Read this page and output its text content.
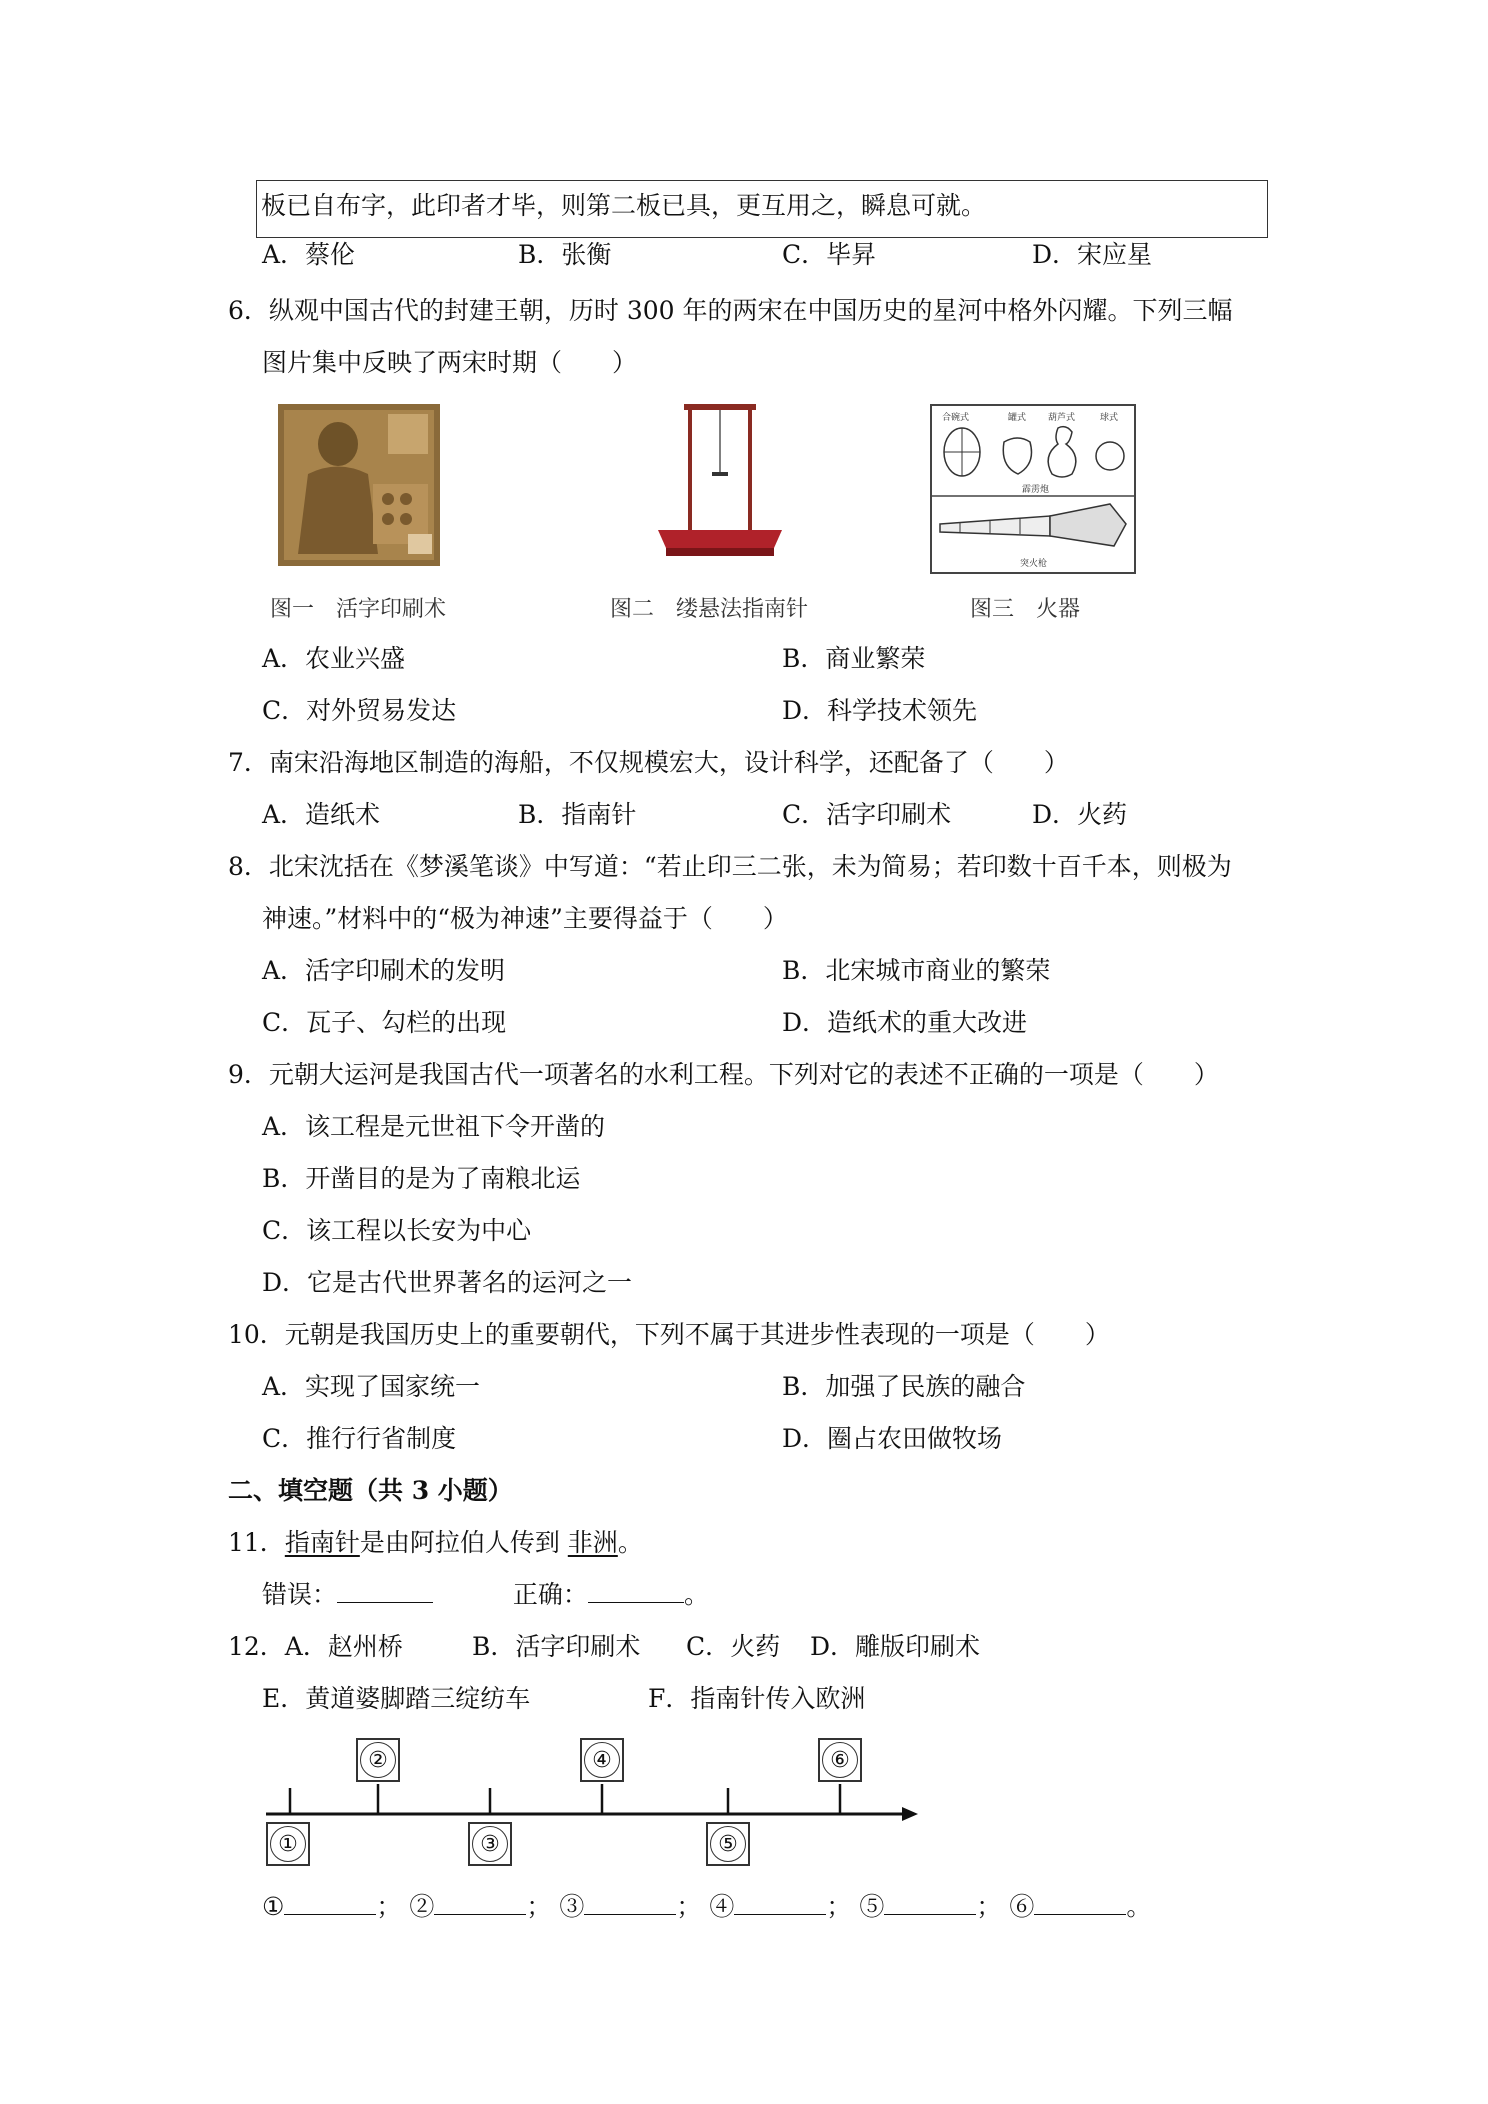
板已自布字，此印者才毕，则第二板已具，更互用之，瞬息可就。
A．蔡伦	B．张衡	C．毕昇	D．宋应星
6．纵观中国古代的封建王朝，历时 300 年的两宋在中国历史的星河中格外闪耀。下列三幅
图片集中反映了两宋时期（　　）
图一　活字印刷术	图二　缕悬法指南针
合碗式	罐式 葫芦式	球式
霹雳炮
突火枪
图三　火器
A．农业兴盛	B．商业繁荣
C．对外贸易发达	D．科学技术领先
7．南宋沿海地区制造的海船，不仅规模宏大，设计科学，还配备了（　　）
A．造纸术	B．指南针	C．活字印刷术	D．火药
8．北宋沈括在《梦溪笔谈》中写道：“若止印三二张，未为简易；若印数十百千本，则极为
神速。”材料中的“极为神速”主要得益于（　　）
A．活字印刷术的发明	B．北宋城市商业的繁荣
C．瓦子、勾栏的出现	D．造纸术的重大改进
9．元朝大运河是我国古代一项著名的水利工程。下列对它的表述不正确的一项是（　　）
A．该工程是元世祖下令开凿的
B．开凿目的是为了南粮北运
C．该工程以长安为中心
D．它是古代世界著名的运河之一
10．元朝是我国历史上的重要朝代，下列不属于其进步性表现的一项是（　　）
A．实现了国家统一	B．加强了民族的融合
C．推行行省制度	D．圈占农田做牧场
二、填空题（共 3 小题）
11．指南针是由阿拉伯人传到 非洲。
错误：	正确：	。
12．A．赵州桥	B．活字印刷术 C．火药 D．雕版印刷术
E．黄道婆脚踏三绽纺车	F．指南针传入欧洲
①
②
③
④
⑤
⑥
①	； ②	； ③	； ④	； ⑤	； ⑥	。
